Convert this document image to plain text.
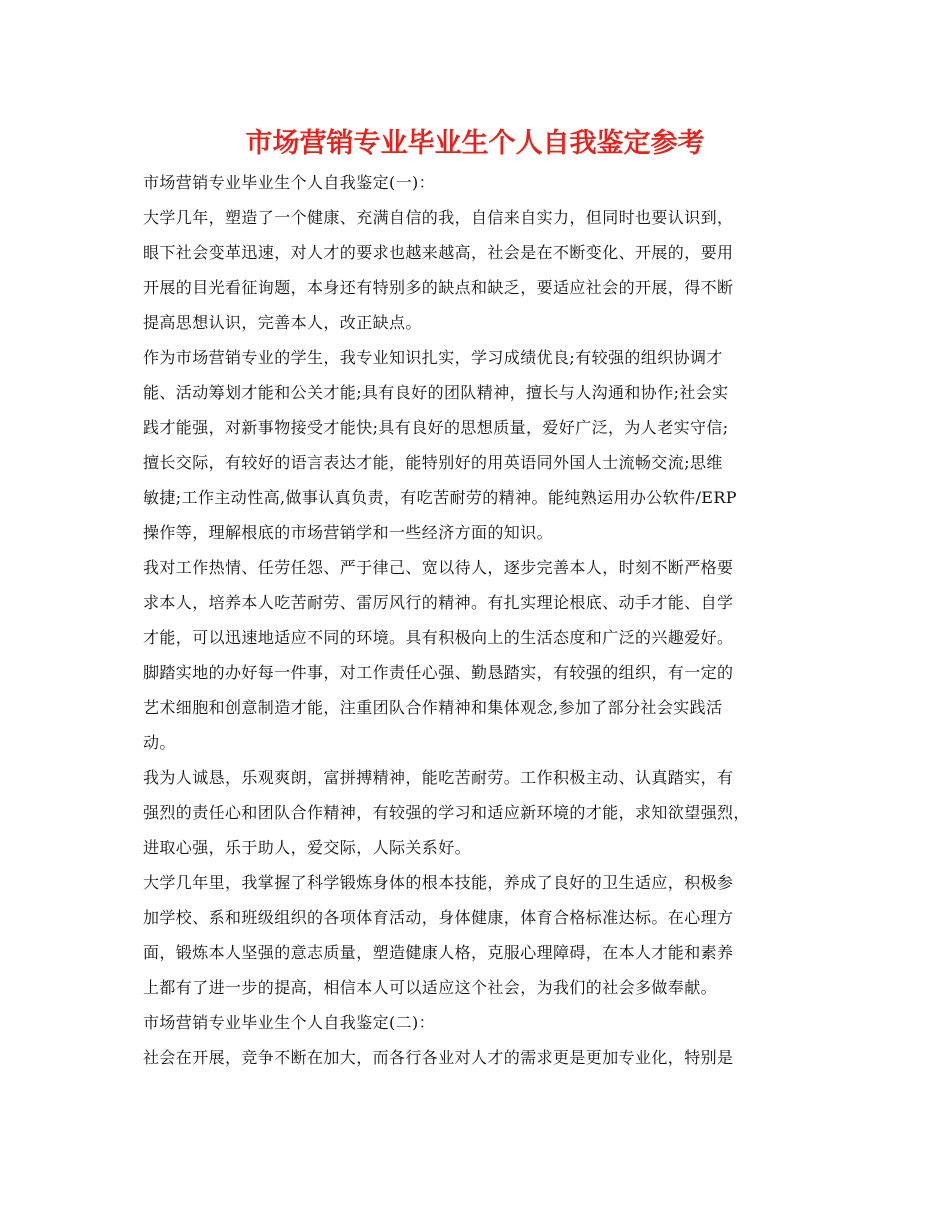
市场营销专业毕业生个人自我鉴定参考
市场营销专业毕业生个人自我鉴定(一)：
大学几年，塑造了一个健康、充满自信的我，自信来自实力，但同时也要认识到，
眼下社会变革迅速，对人才的要求也越来越高，社会是在不断变化、开展的，要用
开展的目光看征询题，本身还有特别多的缺点和缺乏，要适应社会的开展，得不断
提高思想认识，完善本人，改正缺点。
作为市场营销专业的学生，我专业知识扎实，学习成绩优良;有较强的组织协调才
能、活动筹划才能和公关才能;具有良好的团队精神，擅长与人沟通和协作;社会实
践才能强，对新事物接受才能快;具有良好的思想质量，爱好广泛，为人老实守信;
擅长交际，有较好的语言表达才能，能特别好的用英语同外国人士流畅交流;思维
敏捷;工作主动性高,做事认真负责，有吃苦耐劳的精神。能纯熟运用办公软件/ERP
操作等，理解根底的市场营销学和一些经济方面的知识。
我对工作热情、任劳任怨、严于律己、宽以待人，逐步完善本人，时刻不断严格要
求本人，培养本人吃苦耐劳、雷厉风行的精神。有扎实理论根底、动手才能、自学
才能，可以迅速地适应不同的环境。具有积极向上的生活态度和广泛的兴趣爱好。
脚踏实地的办好每一件事，对工作责任心强、勤恳踏实，有较强的组织，有一定的
艺术细胞和创意制造才能，注重团队合作精神和集体观念,参加了部分社会实践活
动。
我为人诚恳，乐观爽朗，富拼搏精神，能吃苦耐劳。工作积极主动、认真踏实，有
强烈的责任心和团队合作精神，有较强的学习和适应新环境的才能，求知欲望强烈，
进取心强，乐于助人，爱交际，人际关系好。
大学几年里，我掌握了科学锻炼身体的根本技能，养成了良好的卫生适应，积极参
加学校、系和班级组织的各项体育活动，身体健康，体育合格标准达标。在心理方
面，锻炼本人坚强的意志质量，塑造健康人格，克服心理障碍，在本人才能和素养
上都有了进一步的提高，相信本人可以适应这个社会，为我们的社会多做奉献。
市场营销专业毕业生个人自我鉴定(二)：
社会在开展，竞争不断在加大，而各行各业对人才的需求更是更加专业化，特别是
